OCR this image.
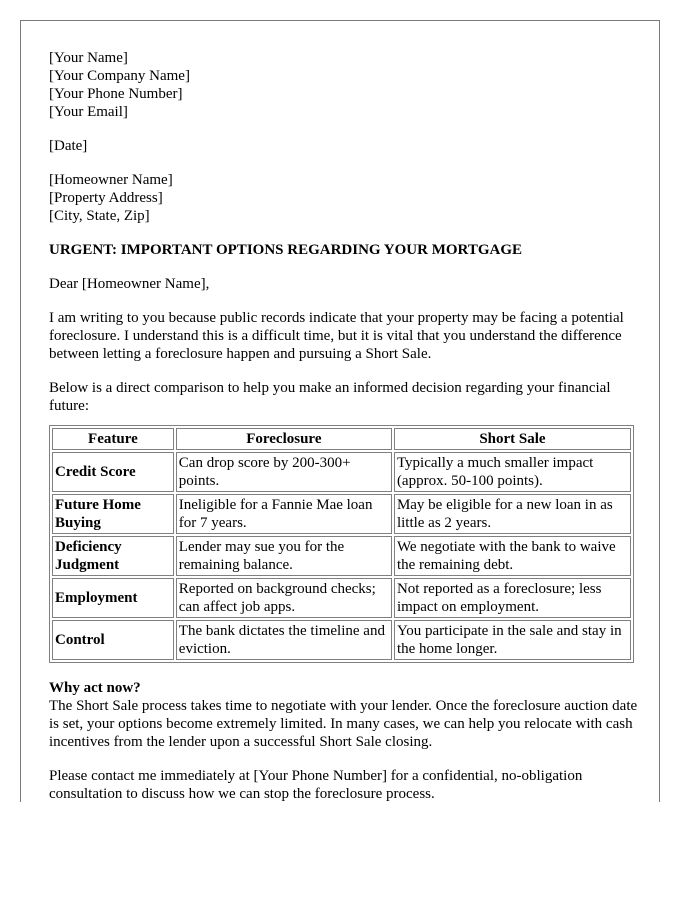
[Your Name]
[Your Company Name]
[Your Phone Number]
[Your Email]
[Date]
[Homeowner Name]
[Property Address]
[City, State, Zip]
URGENT: IMPORTANT OPTIONS REGARDING YOUR MORTGAGE

Dear [Homeowner Name],

I am writing to you because public records indicate that your property may be facing a potential foreclosure. I understand this is a difficult time, but it is vital that you understand the difference between letting a foreclosure happen and pursuing a Short Sale.

Below is a direct comparison to help you make an informed decision regarding your financial future:

Feature	Foreclosure	Short Sale
Credit Score	Can drop score by 200-300+ points.	Typically a much smaller impact (approx. 50-100 points).
Future Home Buying	Ineligible for a Fannie Mae loan for 7 years.	May be eligible for a new loan in as little as 2 years.
Deficiency Judgment	Lender may sue you for the remaining balance.	We negotiate with the bank to waive the remaining debt.
Employment	Reported on background checks; can affect job apps.	Not reported as a foreclosure; less impact on employment.
Control	The bank dictates the timeline and eviction.	You participate in the sale and stay in the home longer.
Why act now?

The Short Sale process takes time to negotiate with your lender. Once the foreclosure auction date is set, your options become extremely limited. In many cases, we can help you relocate with cash incentives from the lender upon a successful Short Sale closing.

Please contact me immediately at [Your Phone Number] for a confidential, no-obligation consultation to discuss how we can stop the foreclosure process.
